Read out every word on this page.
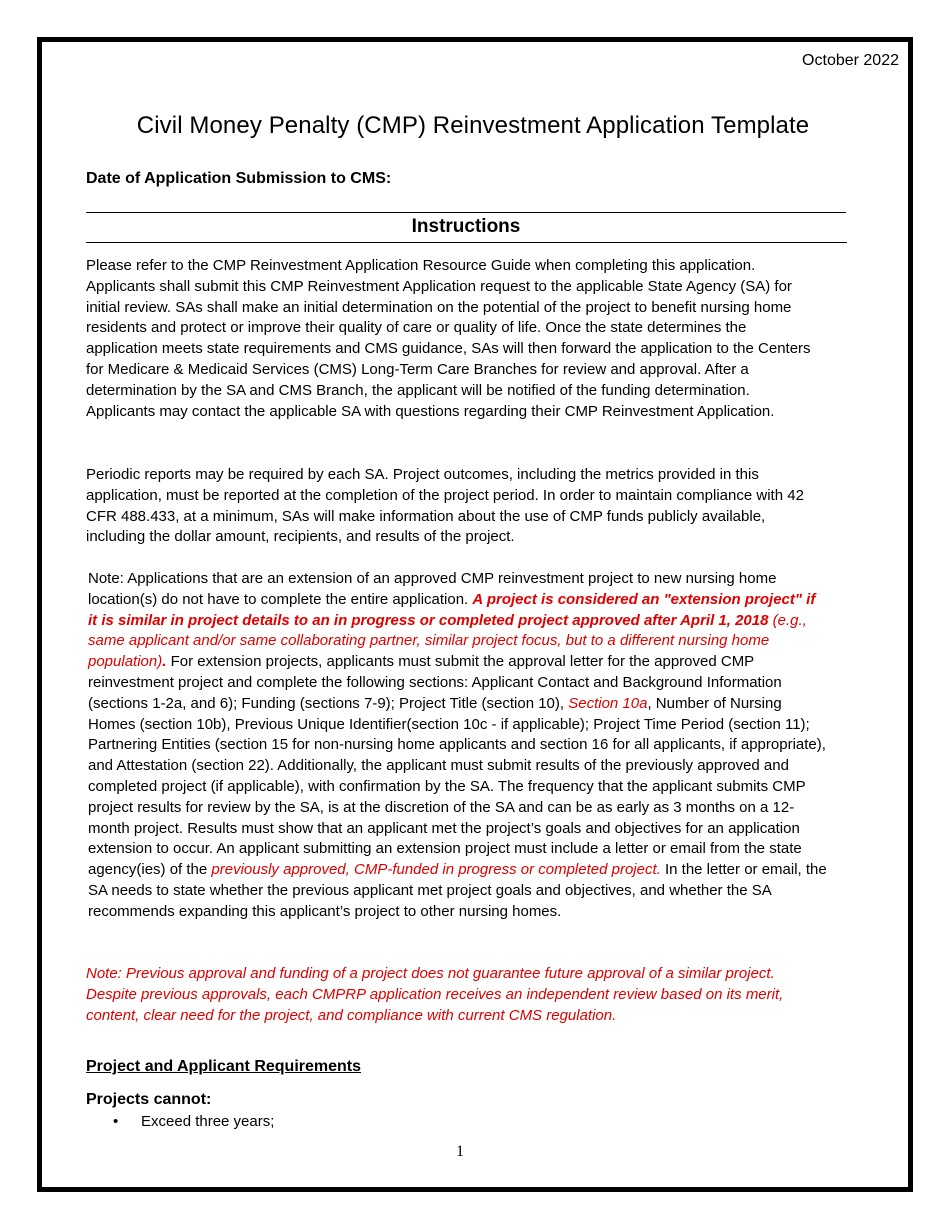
October 2022
Civil Money Penalty (CMP) Reinvestment Application Template
Date of Application Submission to CMS:
Instructions
Please refer to the CMP Reinvestment Application Resource Guide when completing this application. Applicants shall submit this CMP Reinvestment Application request to the applicable State Agency (SA) for initial review. SAs shall make an initial determination on the potential of the project to benefit nursing home residents and protect or improve their quality of care or quality of life. Once the state determines the application meets state requirements and CMS guidance, SAs will then forward the application to the Centers for Medicare & Medicaid Services (CMS) Long-Term Care Branches for review and approval. After a determination by the SA and CMS Branch, the applicant will be notified of the funding determination. Applicants may contact the applicable SA with questions regarding their CMP Reinvestment Application.
Periodic reports may be required by each SA. Project outcomes, including the metrics provided in this application, must be reported at the completion of the project period. In order to maintain compliance with 42 CFR 488.433, at a minimum, SAs will make information about the use of CMP funds publicly available, including the dollar amount, recipients, and results of the project.
Note: Applications that are an extension of an approved CMP reinvestment project to new nursing home location(s) do not have to complete the entire application. A project is considered an "extension project" if it is similar in project details to an in progress or completed project approved after April 1, 2018 (e.g., same applicant and/or same collaborating partner, similar project focus, but to a different nursing home population). For extension projects, applicants must submit the approval letter for the approved CMP reinvestment project and complete the following sections: Applicant Contact and Background Information (sections 1-2a, and 6); Funding (sections 7-9); Project Title (section 10), Section 10a, Number of Nursing Homes (section 10b), Previous Unique Identifier(section 10c - if applicable); Project Time Period (section 11); Partnering Entities (section 15 for non-nursing home applicants and section 16 for all applicants, if appropriate), and Attestation (section 22). Additionally, the applicant must submit results of the previously approved and completed project (if applicable), with confirmation by the SA. The frequency that the applicant submits CMP project results for review by the SA, is at the discretion of the SA and can be as early as 3 months on a 12-month project. Results must show that an applicant met the project’s goals and objectives for an application extension to occur. An applicant submitting an extension project must include a letter or email from the state agency(ies) of the previously approved, CMP-funded in progress or completed project. In the letter or email, the SA needs to state whether the previous applicant met project goals and objectives, and whether the SA recommends expanding this applicant’s project to other nursing homes.
Note: Previous approval and funding of a project does not guarantee future approval of a similar project. Despite previous approvals, each CMPRP application receives an independent review based on its merit, content, clear need for the project, and compliance with current CMS regulation.
Project and Applicant Requirements
Projects cannot:
• Exceed three years;
1
